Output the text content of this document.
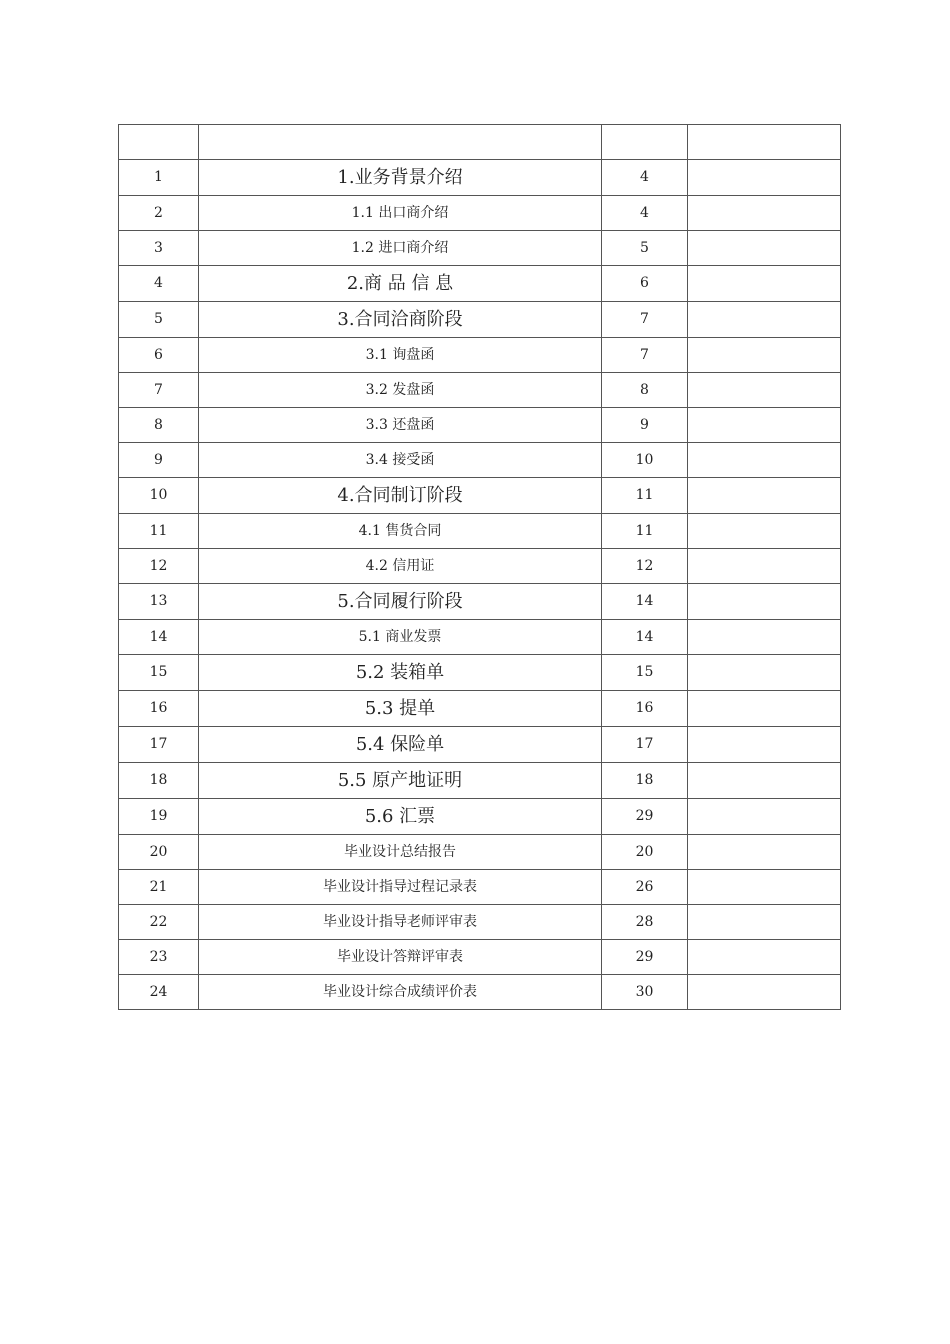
1	1.业务背景介绍	4	
2	1.1 出口商介绍	4	
3	1.2 进口商介绍	5	
4	2.商 品 信 息	6	
5	3.合同洽商阶段	7	
6	3.1 询盘函	7	
7	3.2 发盘函	8	
8	3.3 还盘函	9	
9	3.4 接受函	10	
10	4.合同制订阶段	11	
11	4.1 售货合同	11	
12	4.2 信用证	12	
13	5.合同履行阶段	14	
14	5.1 商业发票	14	
15	5.2 装箱单	15	
16	5.3 提单	16	
17	5.4 保险单	17	
18	5.5 原产地证明	18	
19	5.6 汇票	29	
20	毕业设计总结报告	20	
21	毕业设计指导过程记录表	26	
22	毕业设计指导老师评审表	28	
23	毕业设计答辩评审表	29	
24	毕业设计综合成绩评价表	30	
